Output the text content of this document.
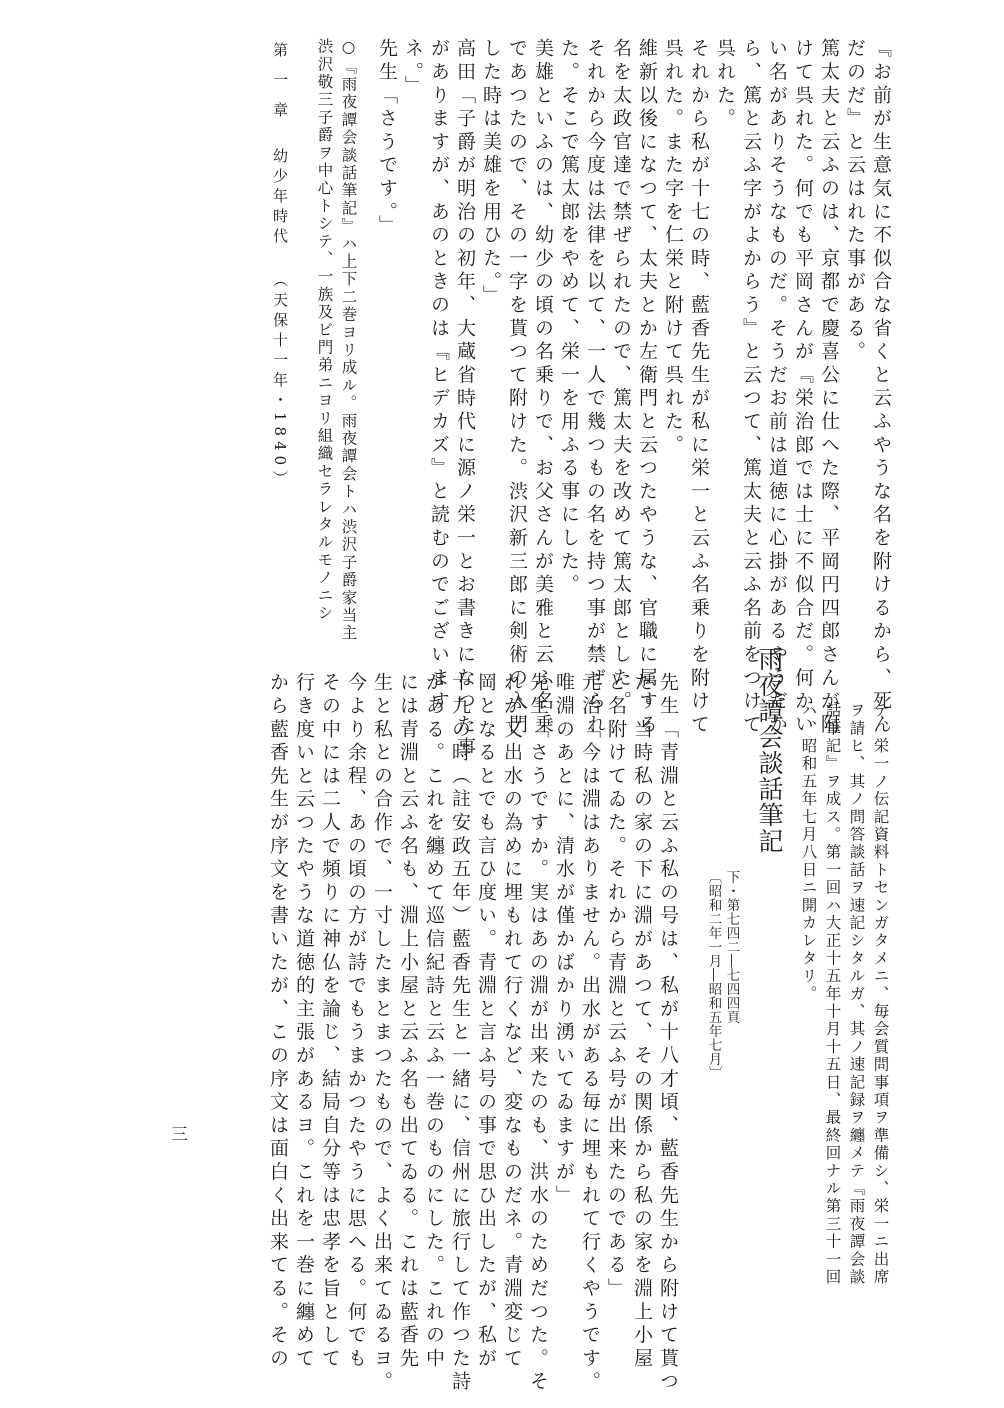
『お前が生意気に不似合な省くと云ふやうな名を附けるから、死ん
だのだ』と云はれた事がある。
篤太夫と云ふのは、京都で慶喜公に仕へた際、平岡円四郎さんが附
けて呉れた。何でも平岡さんが『栄治郎では士に不似合だ。何かい
い名がありそうなものだ。そうだお前は道徳に心掛があるやうだか
ら、篤と云ふ字がよからう』と云つて、篤太夫と云ふ名前をつけて
呉れた。
それから私が十七の時、藍香先生が私に栄一と云ふ名乗りを附けて
呉れた。また字を仁栄と附けて呉れた。
維新以後になつて、太夫とか左衛門と云つたやうな、官職に属する
名を太政官達で禁ぜられたので、篤太夫を改めて篤太郎とした。
それから今度は法律を以て、一人で幾つもの名を持つ事が禁ぜられ
た。そこで篤太郎をやめて、栄一を用ふる事にした。
美雄といふのは、幼少の頃の名乗りで、お父さんが美雅と云ふ名乗
であつたので、その一字を貰つて附けた。渋沢新三郎に剣術の入門
した時は美雄を用ひた。」
高田「子爵が明治の初年、大蔵省時代に源ノ栄一とお書きになつた事
がありますが、あのときのは『ヒデカズ』と読むのでございます
ネ。」
先生「さうです。」
○『雨夜譚会談話筆記』ハ上下二巻ヨリ成ル。雨夜譚会トハ渋沢子爵家当主
渋沢敬三子爵ヲ中心トシテ、一族及ビ門弟ニヨリ組織セラレタルモノニシ
第一章
幼少年時代
（天保十一年・1840）
テ、栄一ノ伝記資料トセンガタメニ、毎会質問事項ヲ準備シ、栄一ニ出席
ヲ請ヒ、其ノ問答談話ヲ速記シタルガ、其ノ速記録ヲ纏メテ『雨夜譚会談
話筆記』ヲ成ス。第一回ハ大正十五年十月十五日、最終回ナル第三十一回
ハ、昭和五年七月八日ニ開カレタリ。
雨夜譚会談話筆記
下・第七四二―七四四頁
〔昭和二年一月―昭和五年七月〕
先生「青淵と云ふ私の号は、私が十八才頃、藍香先生から附けて貰つ
た。当時私の家の下に淵があつて、その関係から私の家を淵上小屋
と名附けてゐた。それから青淵と云ふ号が出来たのである」
元治「今は淵はありません。出水がある毎に埋もれて行くやうです。
唯淵のあとに、清水が僅かばかり湧いてゐますが」
先生「さうですか。実はあの淵が出来たのも、洪水のためだつた。そ
れが又出水の為めに埋もれて行くなど、変なものだネ。青淵変じて
岡となるとでも言ひ度い。青淵と言ふ号の事で思ひ出したが、私が
十九の時（註安政五年）藍香先生と一緒に、信州に旅行して作つた詩
がある。これを纏めて巡信紀詩と云ふ一巻のものにした。これの中
には青淵と云ふ名も、淵上小屋と云ふ名も出てゐる。これは藍香先
生と私との合作で、一寸したまとまつたもので、よく出来てゐるヨ。
今より余程、あの頃の方が詩でもうまかつたやうに思へる。何でも
その中には二人で頻りに神仏を論じ、結局自分等は忠孝を旨として
行き度いと云つたやうな道徳的主張があるヨ。これを一巻に纏めて
から藍香先生が序文を書いたが、この序文は面白く出来てる。その
三
